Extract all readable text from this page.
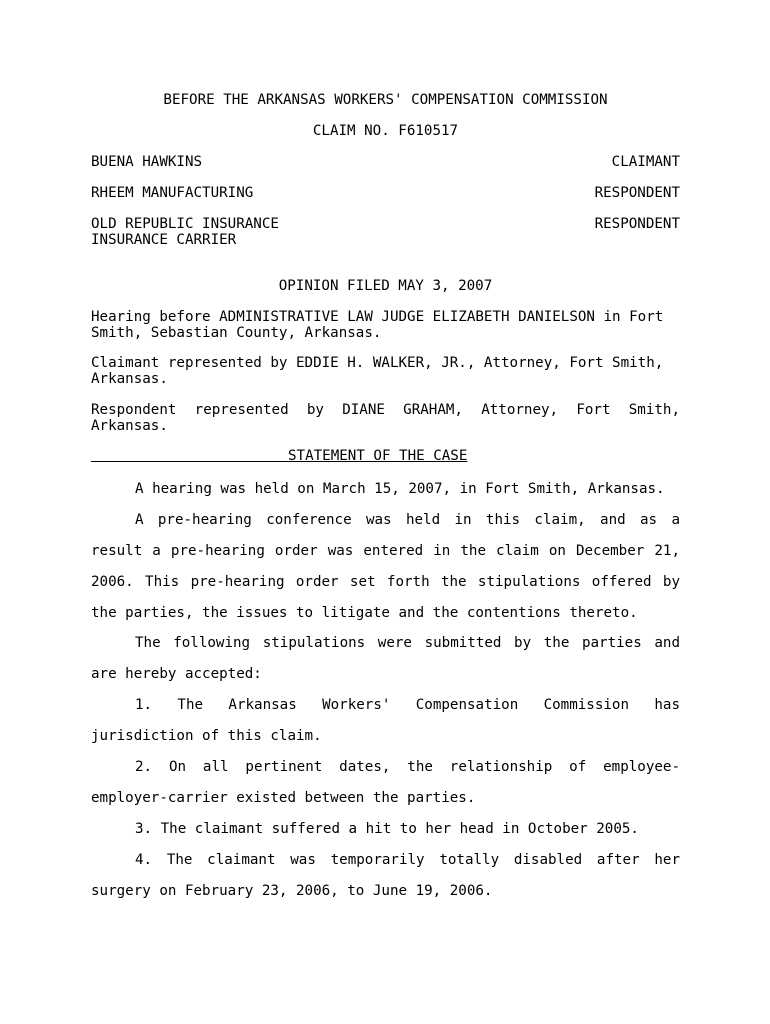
BEFORE THE ARKANSAS WORKERS' COMPENSATION COMMISSION
CLAIM NO. F610517
BUENA HAWKINS	CLAIMANT
RHEEM MANUFACTURING	RESPONDENT
OLD REPUBLIC INSURANCE
INSURANCE CARRIER
RESPONDENT
OPINION FILED MAY 3, 2007
Hearing before ADMINISTRATIVE LAW JUDGE ELIZABETH DANIELSON in Fort Smith, Sebastian County, Arkansas.
Claimant represented by EDDIE H. WALKER, JR., Attorney, Fort Smith, Arkansas.
Respondent represented by DIANE GRAHAM, Attorney, Fort Smith, Arkansas.
STATEMENT OF THE CASE
A hearing was held on March 15, 2007, in Fort Smith, Arkansas.
A pre-hearing conference was held in this claim, and as a result a pre-hearing order was entered in the claim on December 21, 2006. This pre-hearing order set forth the stipulations offered by the parties, the issues to litigate and the contentions thereto.
The following stipulations were submitted by the parties and are hereby accepted:
1. The Arkansas Workers' Compensation Commission has jurisdiction of this claim.
2. On all pertinent dates, the relationship of employee-employer-carrier existed between the parties.
3. The claimant suffered a hit to her head in October 2005.
4. The claimant was temporarily totally disabled after her surgery on February 23, 2006, to June 19, 2006.
